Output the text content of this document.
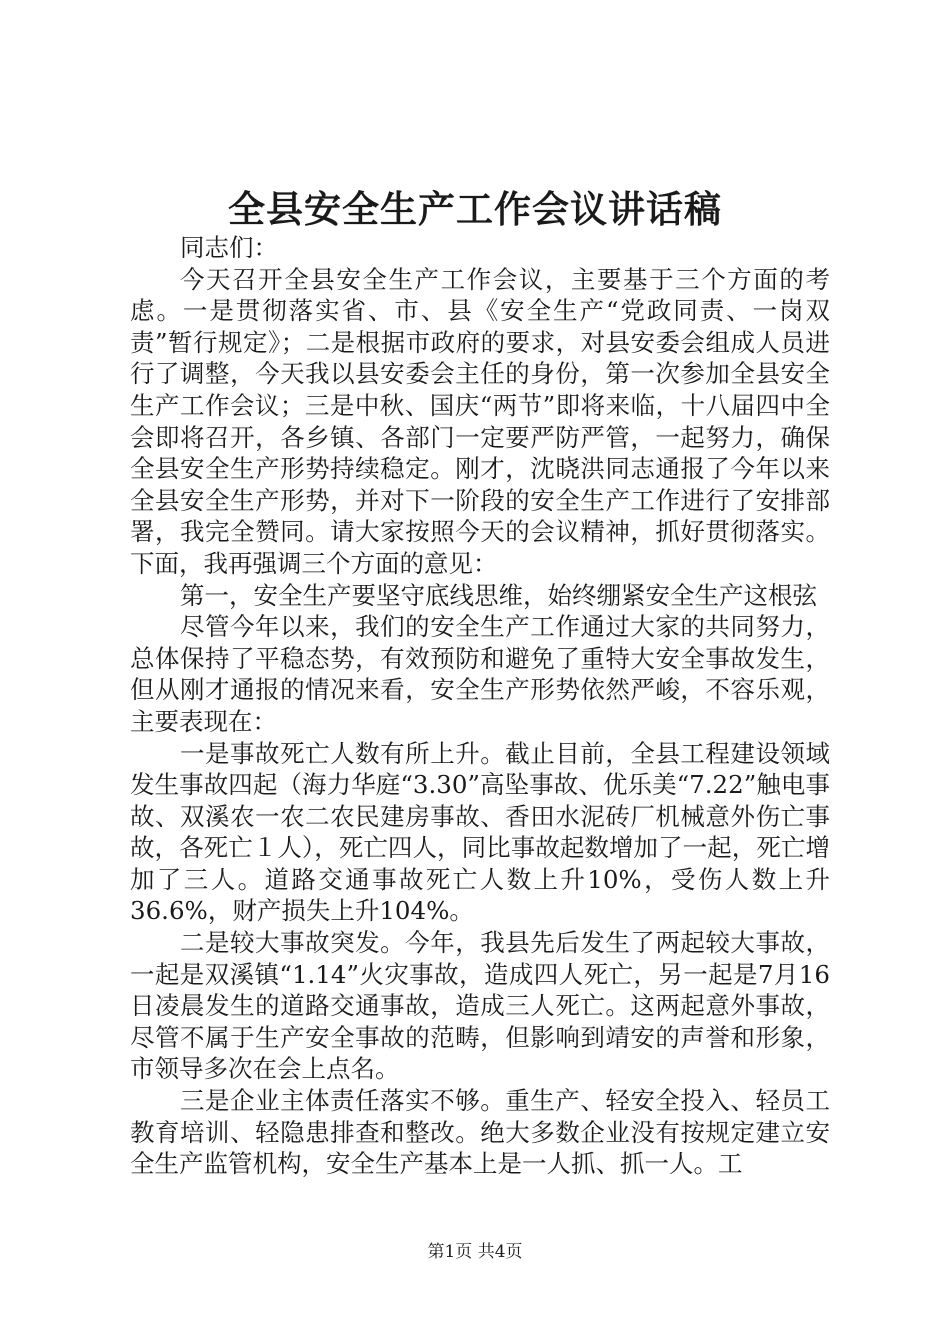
全县安全生产工作会议讲话稿

同志们：

今天召开全县安全生产工作会议，主要基于三个方面的考虑。一是贯彻落实省、市、县《安全生产“党政同责、一岗双责”暂行规定》；二是根据市政府的要求，对县安委会组成人员进行了调整，今天我以县安委会主任的身份，第一次参加全县安全生产工作会议；三是中秋、国庆“两节”即将来临，十八届四中全会即将召开，各乡镇、各部门一定要严防严管，一起努力，确保全县安全生产形势持续稳定。刚才，沈晓洪同志通报了今年以来全县安全生产形势，并对下一阶段的安全生产工作进行了安排部署，我完全赞同。请大家按照今天的会议精神，抓好贯彻落实。下面，我再强调三个方面的意见：

第一，安全生产要坚守底线思维，始终绷紧安全生产这根弦

尽管今年以来，我们的安全生产工作通过大家的共同努力，总体保持了平稳态势，有效预防和避免了重特大安全事故发生，但从刚才通报的情况来看，安全生产形势依然严峻，不容乐观，主要表现在：

一是事故死亡人数有所上升。截止目前，全县工程建设领域发生事故四起（海力华庭“3.30”高坠事故、优乐美“7.22”触电事故、双溪农一农二农民建房事故、香田水泥砖厂机械意外伤亡事故，各死亡１人），死亡四人，同比事故起数增加了一起，死亡增加了三人。道路交通事故死亡人数上升10%，受伤人数上升36.6%，财产损失上升104%。

二是较大事故突发。今年，我县先后发生了两起较大事故，一起是双溪镇“1.14”火灾事故，造成四人死亡，另一起是7月16日凌晨发生的道路交通事故，造成三人死亡。这两起意外事故，尽管不属于生产安全事故的范畴，但影响到靖安的声誉和形象，市领导多次在会上点名。

三是企业主体责任落实不够。重生产、轻安全投入、轻员工教育培训、轻隐患排查和整改。绝大多数企业没有按规定建立安全生产监管机构，安全生产基本上是一人抓、抓一人。工

第1页 共4页
